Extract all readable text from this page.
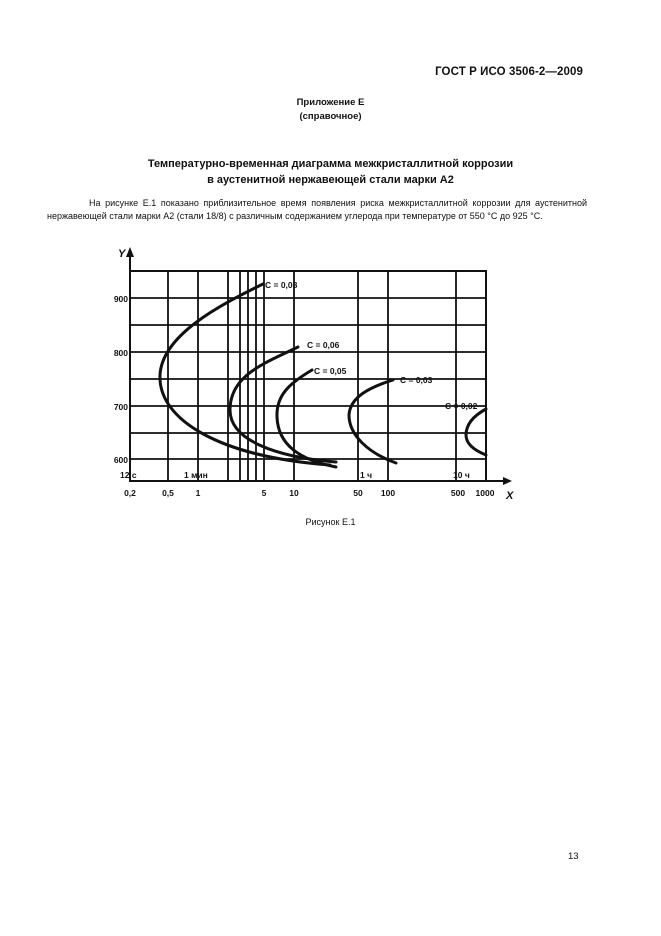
ГОСТ Р ИСО 3506-2—2009
Приложение Е
(справочное)
Температурно-временная диаграмма межкристаллитной коррозии
в аустенитной нержавеющей стали марки А2
На рисунке Е.1 показано приблизительное время появления риска межкристаллитной коррозии для аустенитной нержавеющей стали марки А2 (стали 18/8) с различным содержанием углерода при температуре от 550 °С до 925 °С.
Y
X
600
700
800
900
12 с	1 мин	1 ч	10 ч
0,2	0,5	1	5	10	50 100	500 1000
С = 0,08
С = 0,06
С = 0,05
С = 0,03
С = 0,02
Рисунок Е.1
13
